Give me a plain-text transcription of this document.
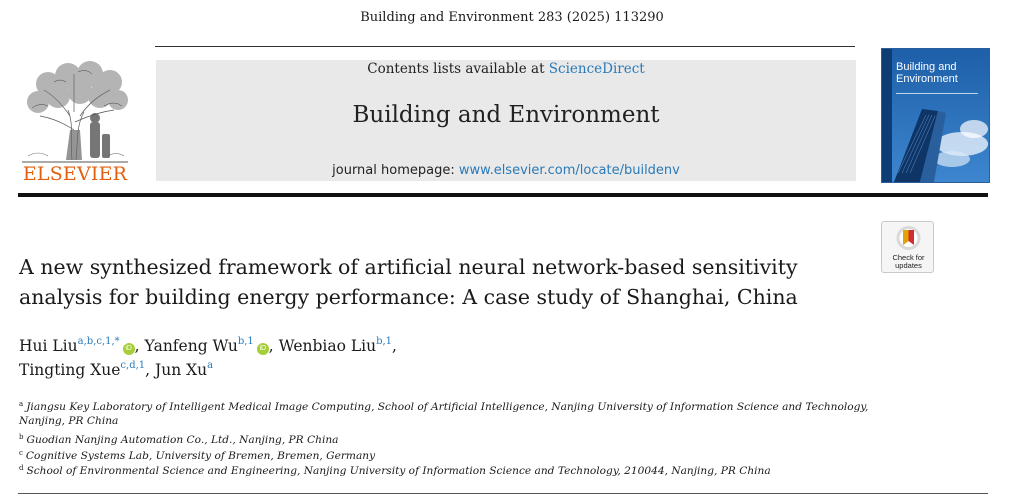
Building and Environment 283 (2025) 113290
ELSEVIER
Contents lists available at ScienceDirect
Building and Environment
journal homepage: www.elsevier.com/locate/buildenv
Building and Environment
Check for
updates
A new synthesized framework of artificial neural network-based sensitivity
analysis for building energy performance: A case study of Shanghai, China
Hui Liu$^{a,b,c,1,*}$iD , Yanfeng Wu$^{b,1}$iD , Wenbiao Liu$^{b,1}$,
Tingting Xue$^{c,d,1}$, Jun Xu$^a$
$^a$ Jiangsu Key Laboratory of Intelligent Medical Image Computing, School of Artificial Intelligence, Nanjing University of Information Science and Technology, Nanjing, PR China
$^b$ Guodian Nanjing Automation Co., Ltd., Nanjing, PR China
$^c$ Cognitive Systems Lab, University of Bremen, Bremen, Germany
$^d$ School of Environmental Science and Engineering, Nanjing University of Information Science and Technology, 210044, Nanjing, PR China
